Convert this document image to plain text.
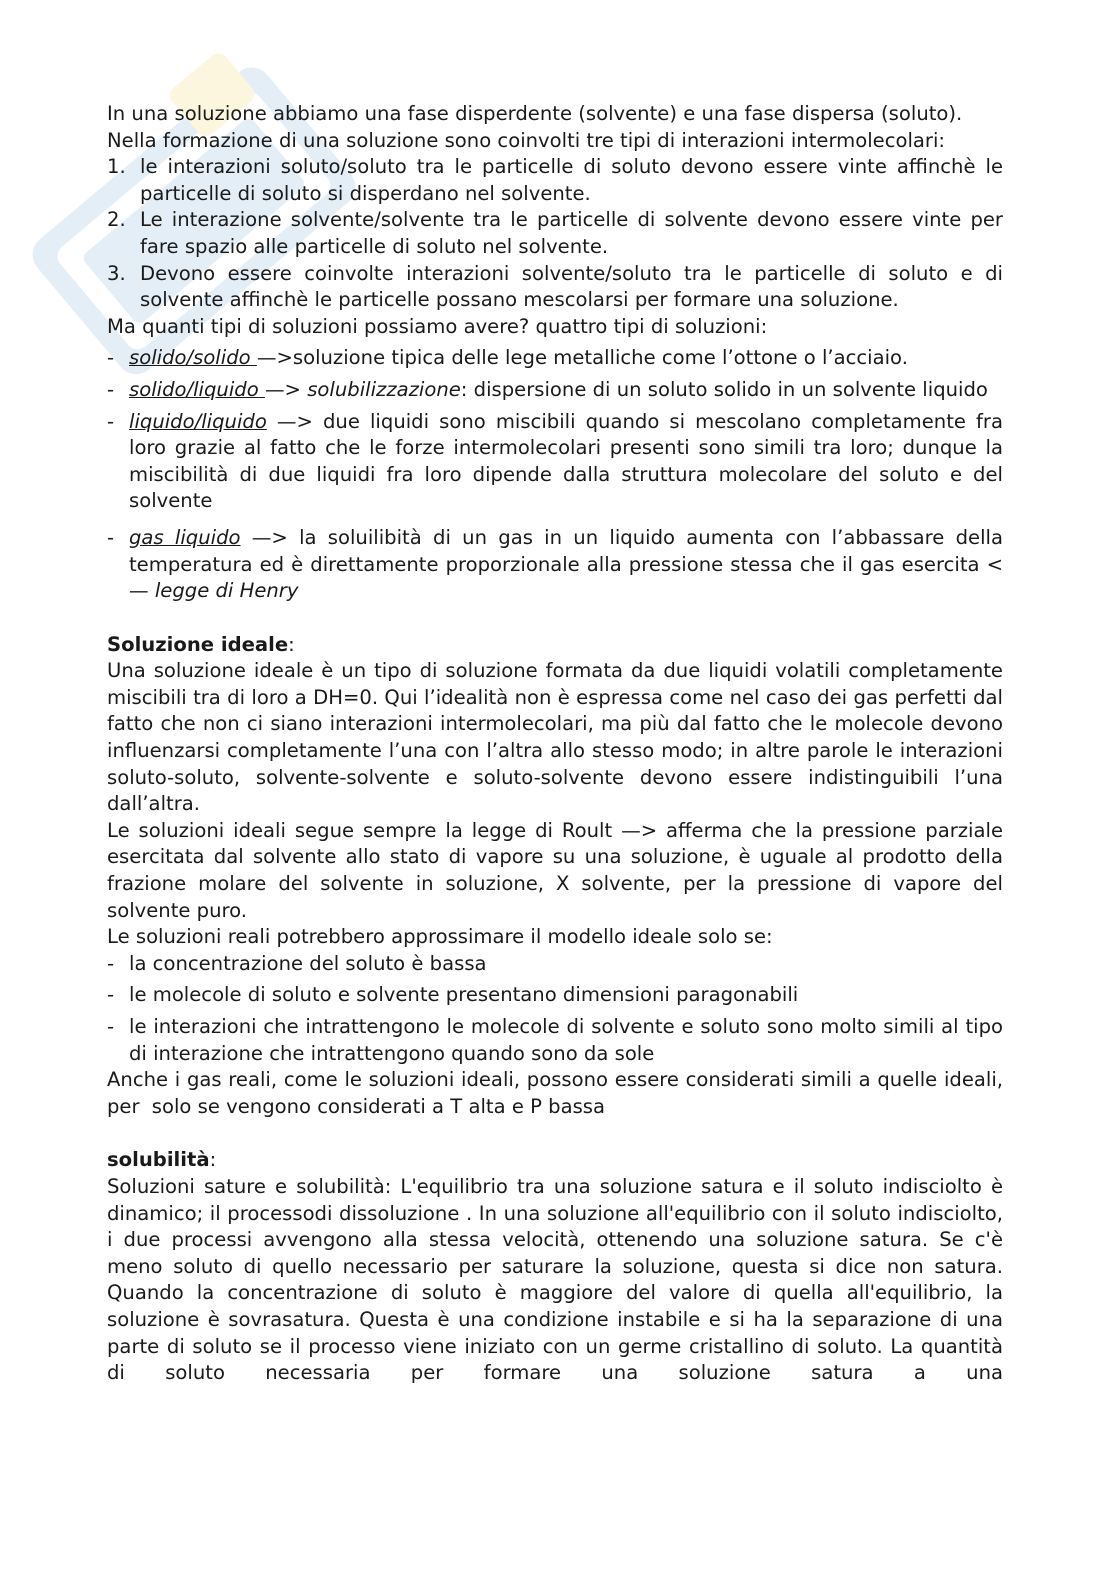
In una soluzione abbiamo una fase disperdente (solvente) e una fase dispersa (soluto).

Nella formazione di una soluzione sono coinvolti tre tipi di interazioni intermolecolari:

1. le interazioni soluto/soluto tra le particelle di soluto devono essere vinte affinchè le particelle di soluto si disperdano nel solvente.
2. Le interazione solvente/solvente tra le particelle di solvente devono essere vinte per fare spazio alle particelle di soluto nel solvente.
3. Devono essere coinvolte interazioni solvente/soluto tra le particelle di soluto e di solvente affinchè le particelle possano mescolarsi per formare una soluzione.

Ma quanti tipi di soluzioni possiamo avere? quattro tipi di soluzioni:

- solido/solido —>soluzione tipica delle lege metalliche come l’ottone o l’acciaio.
- solido/liquido —> solubilizzazione: dispersione di un soluto solido in un solvente liquido
- liquido/liquido —> due liquidi sono miscibili quando si mescolano completamente fra loro grazie al fatto che le forze intermolecolari presenti sono simili tra loro; dunque la miscibilità di due liquidi fra loro dipende dalla struttura molecolare del soluto e del solvente
- gas liquido —> la soluilibità di un gas in un liquido aumenta con l’abbassare della temperatura ed è direttamente proporzionale alla pressione stessa che il gas esercita <— legge di Henry

Soluzione ideale:

Una soluzione ideale è un tipo di soluzione formata da due liquidi volatili completamente miscibili tra di loro a DH=0. Qui l’idealità non è espressa come nel caso dei gas perfetti dal fatto che non ci siano interazioni intermolecolari, ma più dal fatto che le molecole devono influenzarsi completamente l’una con l’altra allo stesso modo; in altre parole le interazioni soluto-soluto, solvente-solvente e soluto-solvente devono essere indistinguibili l’una dall’altra.

Le soluzioni ideali segue sempre la legge di Roult —> afferma che la pressione parziale esercitata dal solvente allo stato di vapore su una soluzione, è uguale al prodotto della frazione molare del solvente in soluzione, X solvente, per la pressione di vapore del solvente puro.

Le soluzioni reali potrebbero approssimare il modello ideale solo se:

- la concentrazione del soluto è bassa
- le molecole di soluto e solvente presentano dimensioni paragonabili
- le interazioni che intrattengono le molecole di solvente e soluto sono molto simili al tipo di interazione che intrattengono quando sono da sole

Anche i gas reali, come le soluzioni ideali, possono essere considerati simili a quelle ideali, per solo se vengono considerati a T alta e P bassa

solubilità:

Soluzioni sature e solubilità: L'equilibrio tra una soluzione satura e il soluto indisciolto è dinamico; il processodi dissoluzione . In una soluzione all'equilibrio con il soluto indisciolto, i due processi avvengono alla stessa velocità, ottenendo una soluzione satura. Se c'è meno soluto di quello necessario per saturare la soluzione, questa si dice non satura. Quando la concentrazione di soluto è maggiore del valore di quella all'equilibrio, la soluzione è sovrasatura. Questa è una condizione instabile e si ha la separazione di una parte di soluto se il processo viene iniziato con un germe cristallino di soluto. La quantità di soluto necessaria per formare una soluzione satura a una
